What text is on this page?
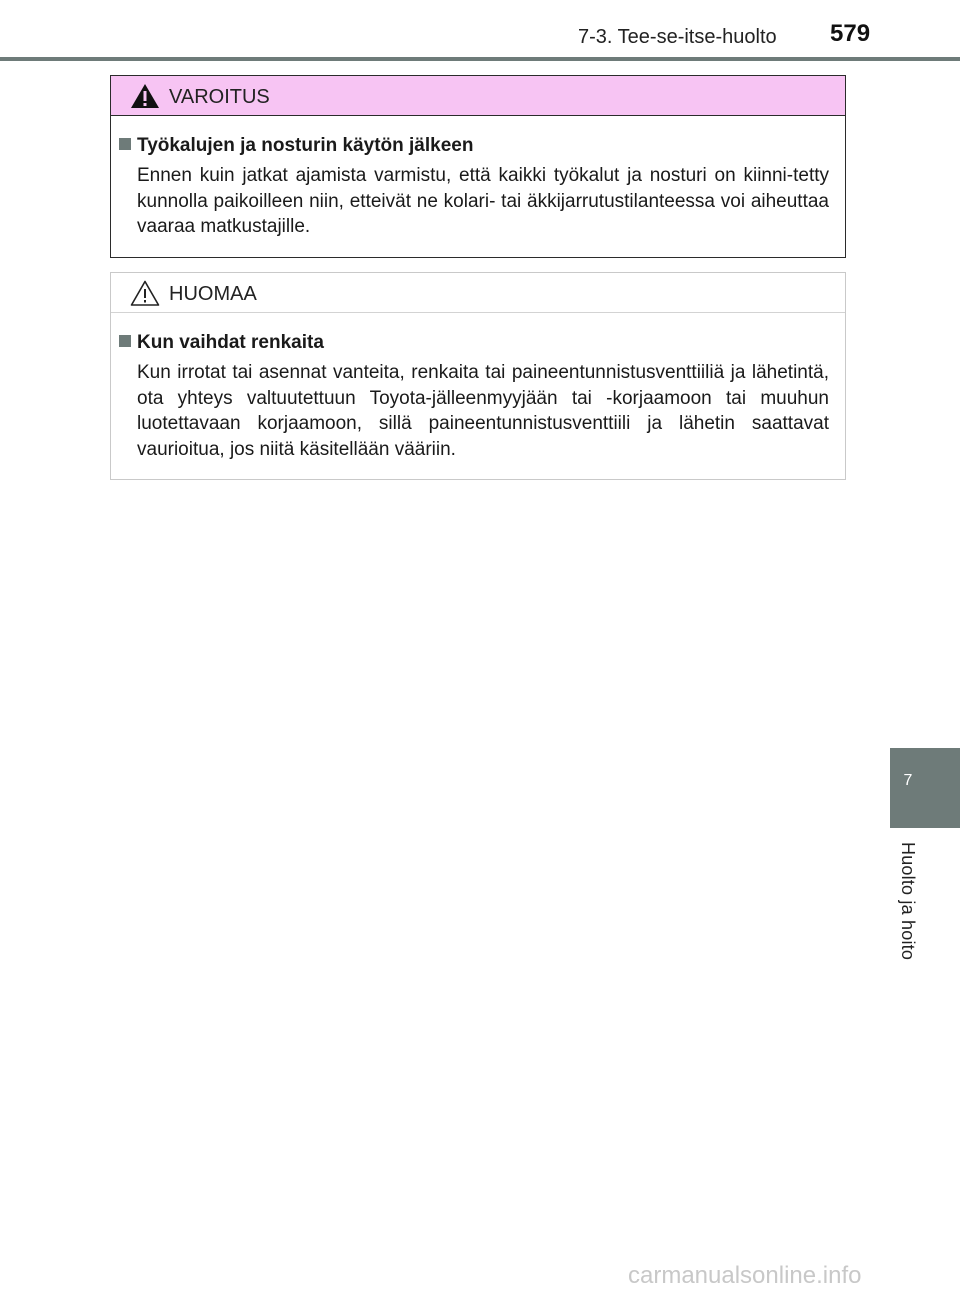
7-3. Tee-se-itse-huolto 579
VAROITUS
Työkalujen ja nosturin käytön jälkeen
Ennen kuin jatkat ajamista varmistu, että kaikki työkalut ja nosturi on kiinni-tetty kunnolla paikoilleen niin, etteivät ne kolari- tai äkkijarrutustilanteessa voi aiheuttaa vaaraa matkustajille.
HUOMAA
Kun vaihdat renkaita
Kun irrotat tai asennat vanteita, renkaita tai paineentunnistusventtiiliä ja lähetintä, ota yhteys valtuutettuun Toyota-jälleenmyyjään tai -korjaamoon tai muuhun luotettavaan korjaamoon, sillä paineentunnistusventtiili ja lähetin saattavat vaurioitua, jos niitä käsitellään vääriin.
7
Huolto ja hoito
carmanualsonline.info
